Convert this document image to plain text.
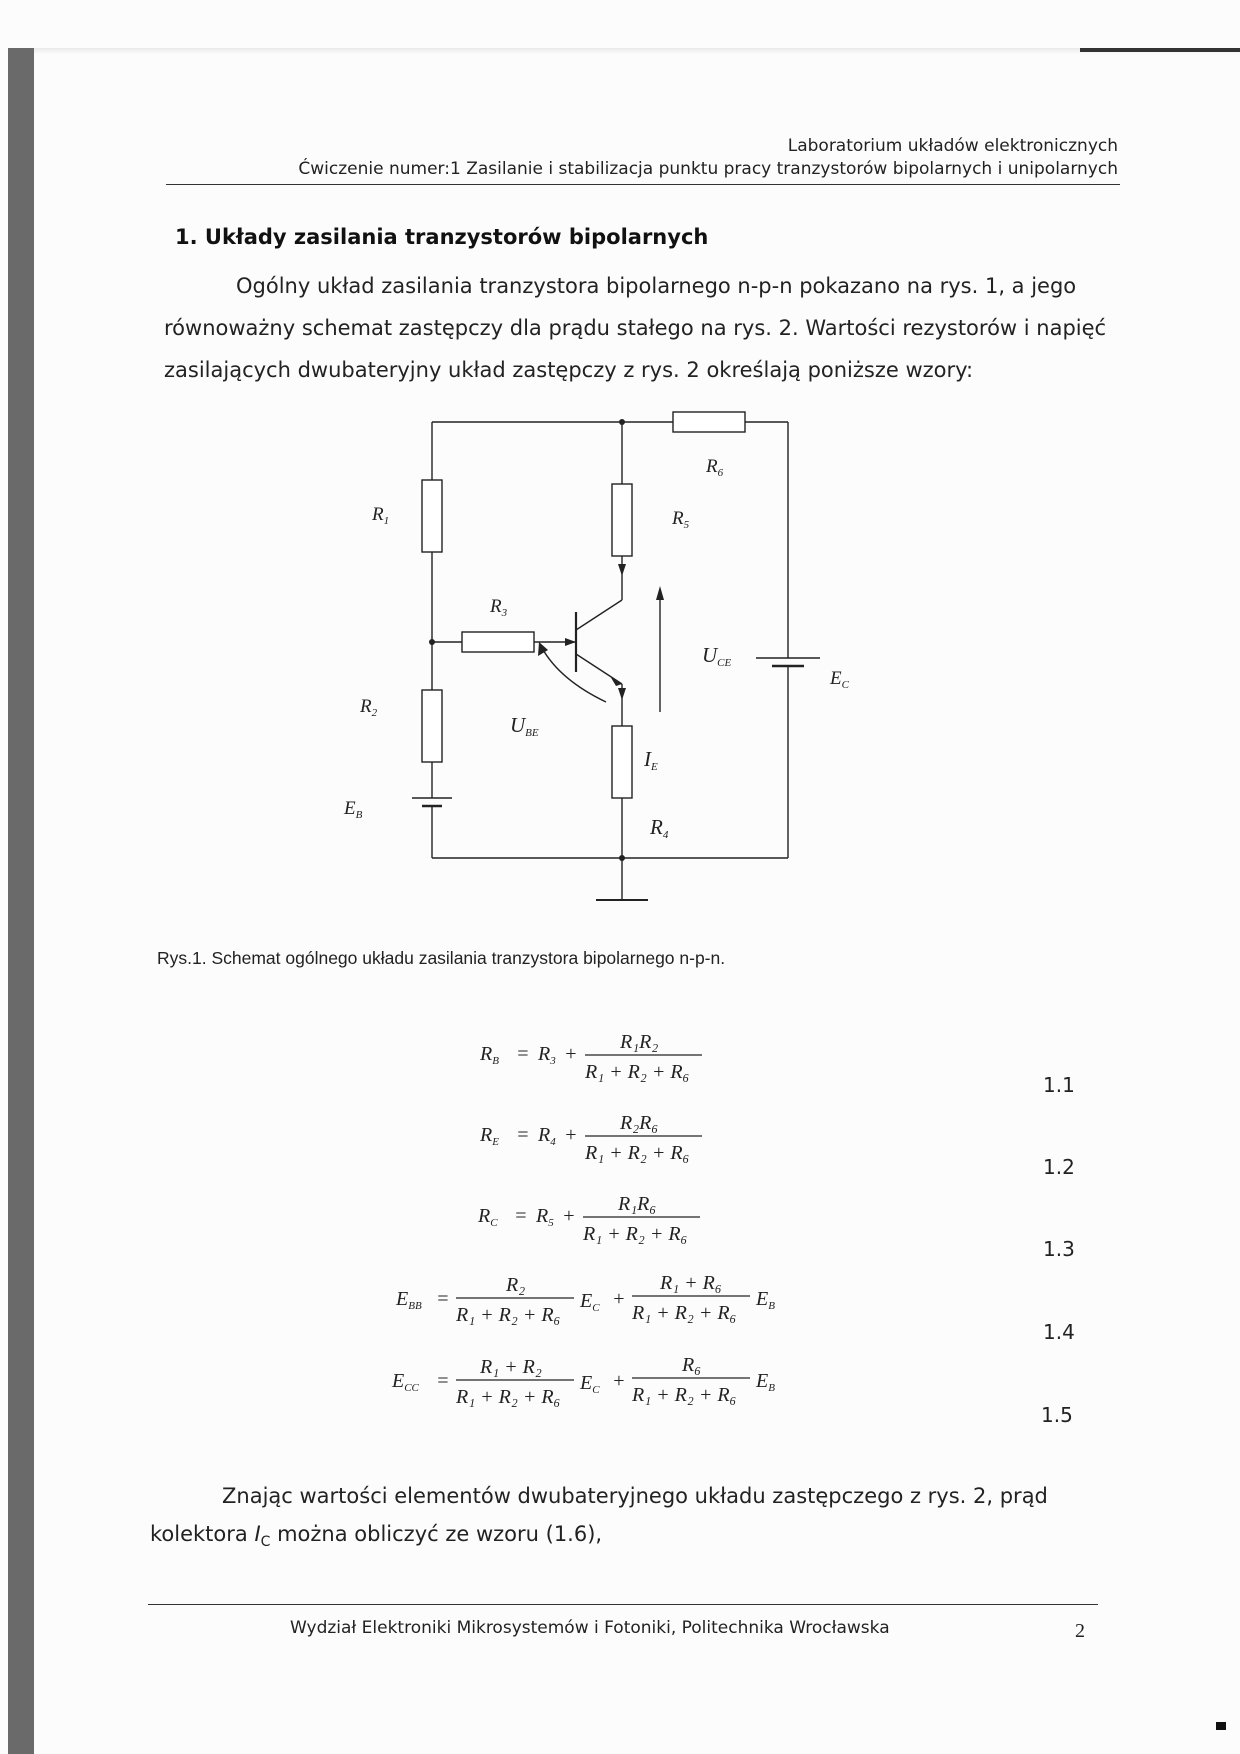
Laboratorium układów elektronicznych
Ćwiczenie numer:1 Zasilanie i stabilizacja punktu pracy tranzystorów bipolarnych i unipolarnych
1. Układy zasilania tranzystorów bipolarnych
Ogólny układ zasilania tranzystora bipolarnego n-p-n pokazano na rys. 1, a jego
równoważny schemat zastępczy dla prądu stałego na rys. 2. Wartości rezystorów i napięć
zasilających dwubateryjny układ zastępczy z rys. 2 określają poniższe wzory:
$R_6$
$R_1$	$R_5$
$R_3$
UCE
$E_C$
$R_2$	UBE
IE
$E_B$	R4
Rys.1. Schemat ogólnego układu zasilania tranzystora bipolarnego n-p-n.
$R_B = R_3$ +
R₁R₂
R₁ + R₂ + R₆
$R_E = R_4$ +
R₂R₆
R₁ + R₂ + R₆
$R_C = R_5$ +
R₁R₆
R₁ + R₂ + R₆
$E_{BB}$ =
R₂
R₁ + R₂ + R₆
$E_C$ +
R₁ + R₆
R₁ + R₂ + R₆
$E_B$
$E_{CC}$ =
R₁ + R₂
R₁ + R₂ + R₆
$E_C$ +
R₆
R₁ + R₂ + R₆
$E_B$
1.1
1.2
1.3
1.4
1.5
Znając wartości elementów dwubateryjnego układu zastępczego z rys. 2, prąd
kolektora $I_C$ można obliczyć ze wzoru (1.6),
Wydział Elektroniki Mikrosystemów i Fotoniki, Politechnika Wrocławska	2
